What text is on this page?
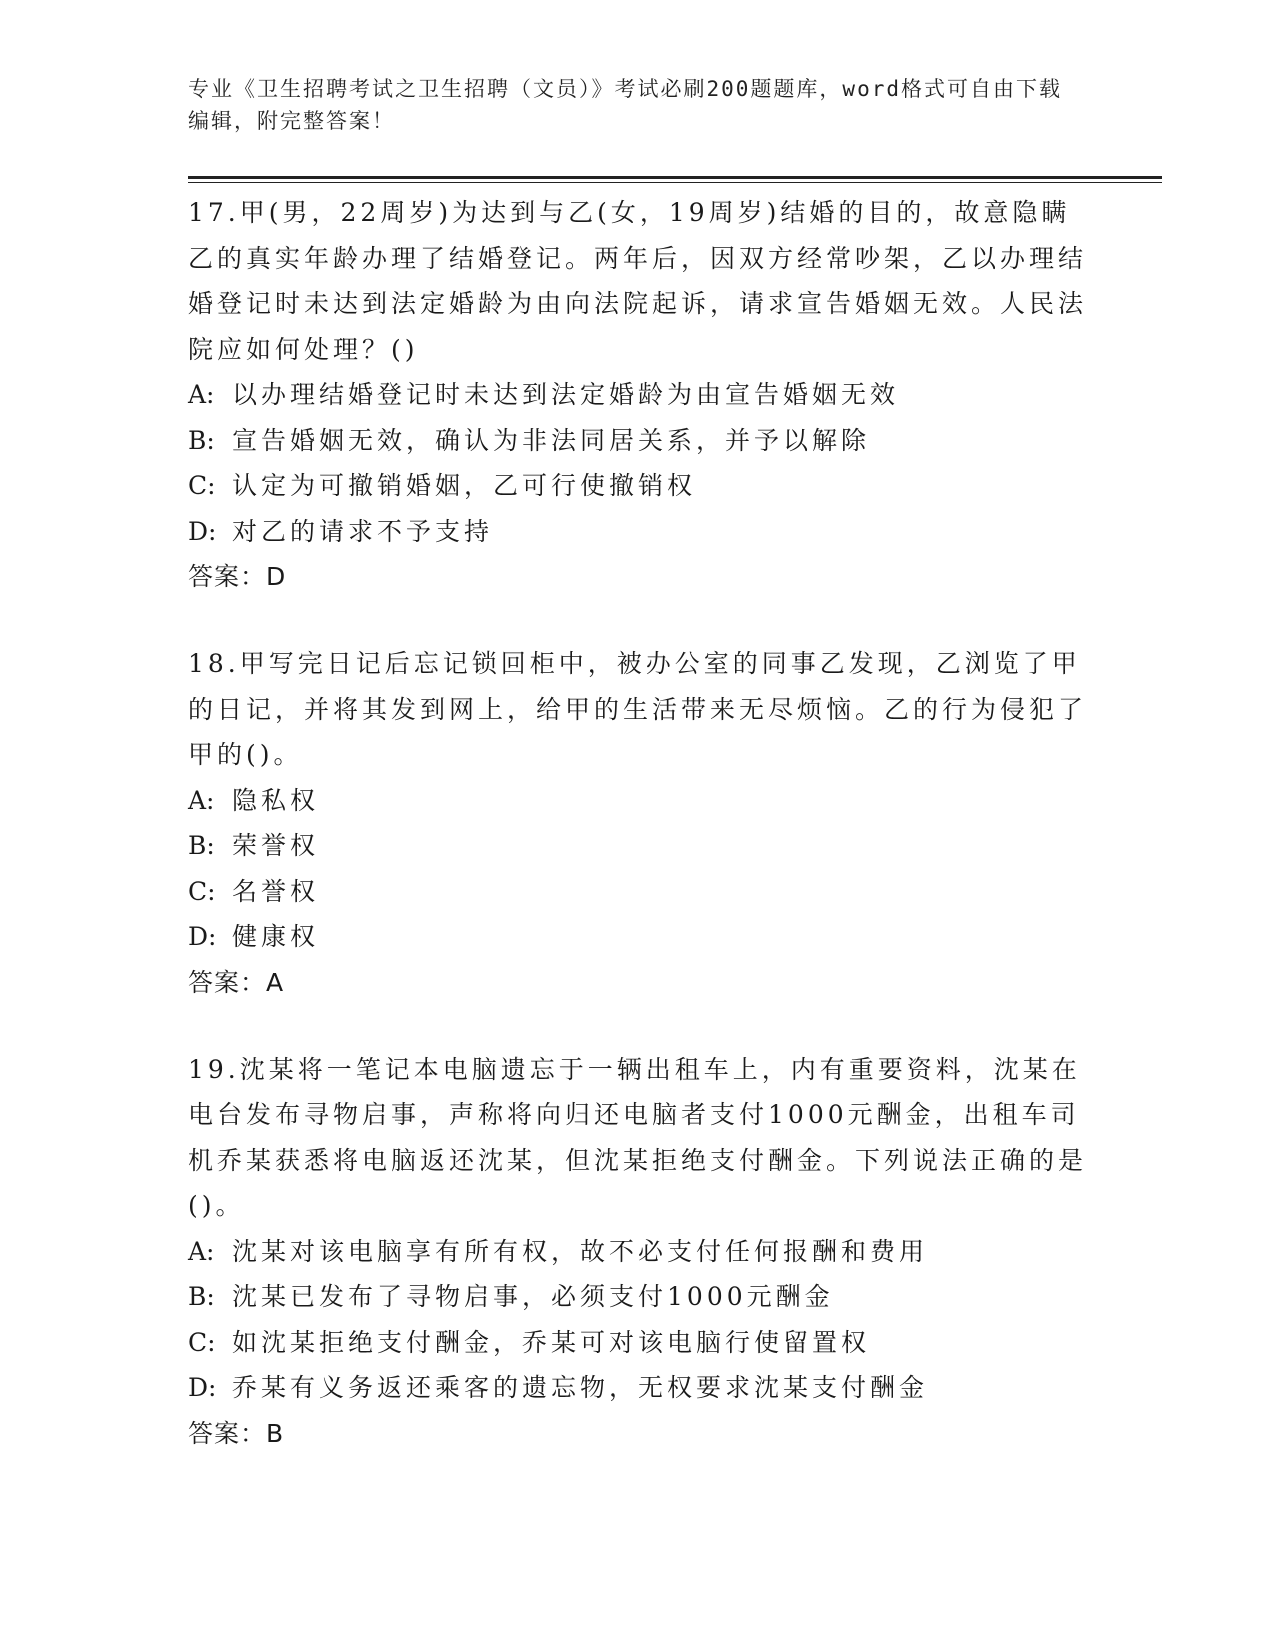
专业《卫生招聘考试之卫生招聘（文员）》考试必刷200题题库，word格式可自由下载编辑，附完整答案！

17.甲(男，22周岁)为达到与乙(女，19周岁)结婚的目的，故意隐瞒乙的真实年龄办理了结婚登记。两年后，因双方经常吵架，乙以办理结婚登记时未达到法定婚龄为由向法院起诉，请求宣告婚姻无效。人民法院应如何处理？()

A: 以办理结婚登记时未达到法定婚龄为由宣告婚姻无效

B: 宣告婚姻无效，确认为非法同居关系，并予以解除

C: 认定为可撤销婚姻，乙可行使撤销权

D: 对乙的请求不予支持

答案：D

18.甲写完日记后忘记锁回柜中，被办公室的同事乙发现，乙浏览了甲的日记，并将其发到网上，给甲的生活带来无尽烦恼。乙的行为侵犯了甲的()。

A: 隐私权

B: 荣誉权

C: 名誉权

D: 健康权

答案：A

19.沈某将一笔记本电脑遗忘于一辆出租车上，内有重要资料，沈某在电台发布寻物启事，声称将向归还电脑者支付1000元酬金，出租车司机乔某获悉将电脑返还沈某，但沈某拒绝支付酬金。下列说法正确的是()。

A: 沈某对该电脑享有所有权，故不必支付任何报酬和费用

B: 沈某已发布了寻物启事，必须支付1000元酬金

C: 如沈某拒绝支付酬金，乔某可对该电脑行使留置权

D: 乔某有义务返还乘客的遗忘物，无权要求沈某支付酬金

答案：B
